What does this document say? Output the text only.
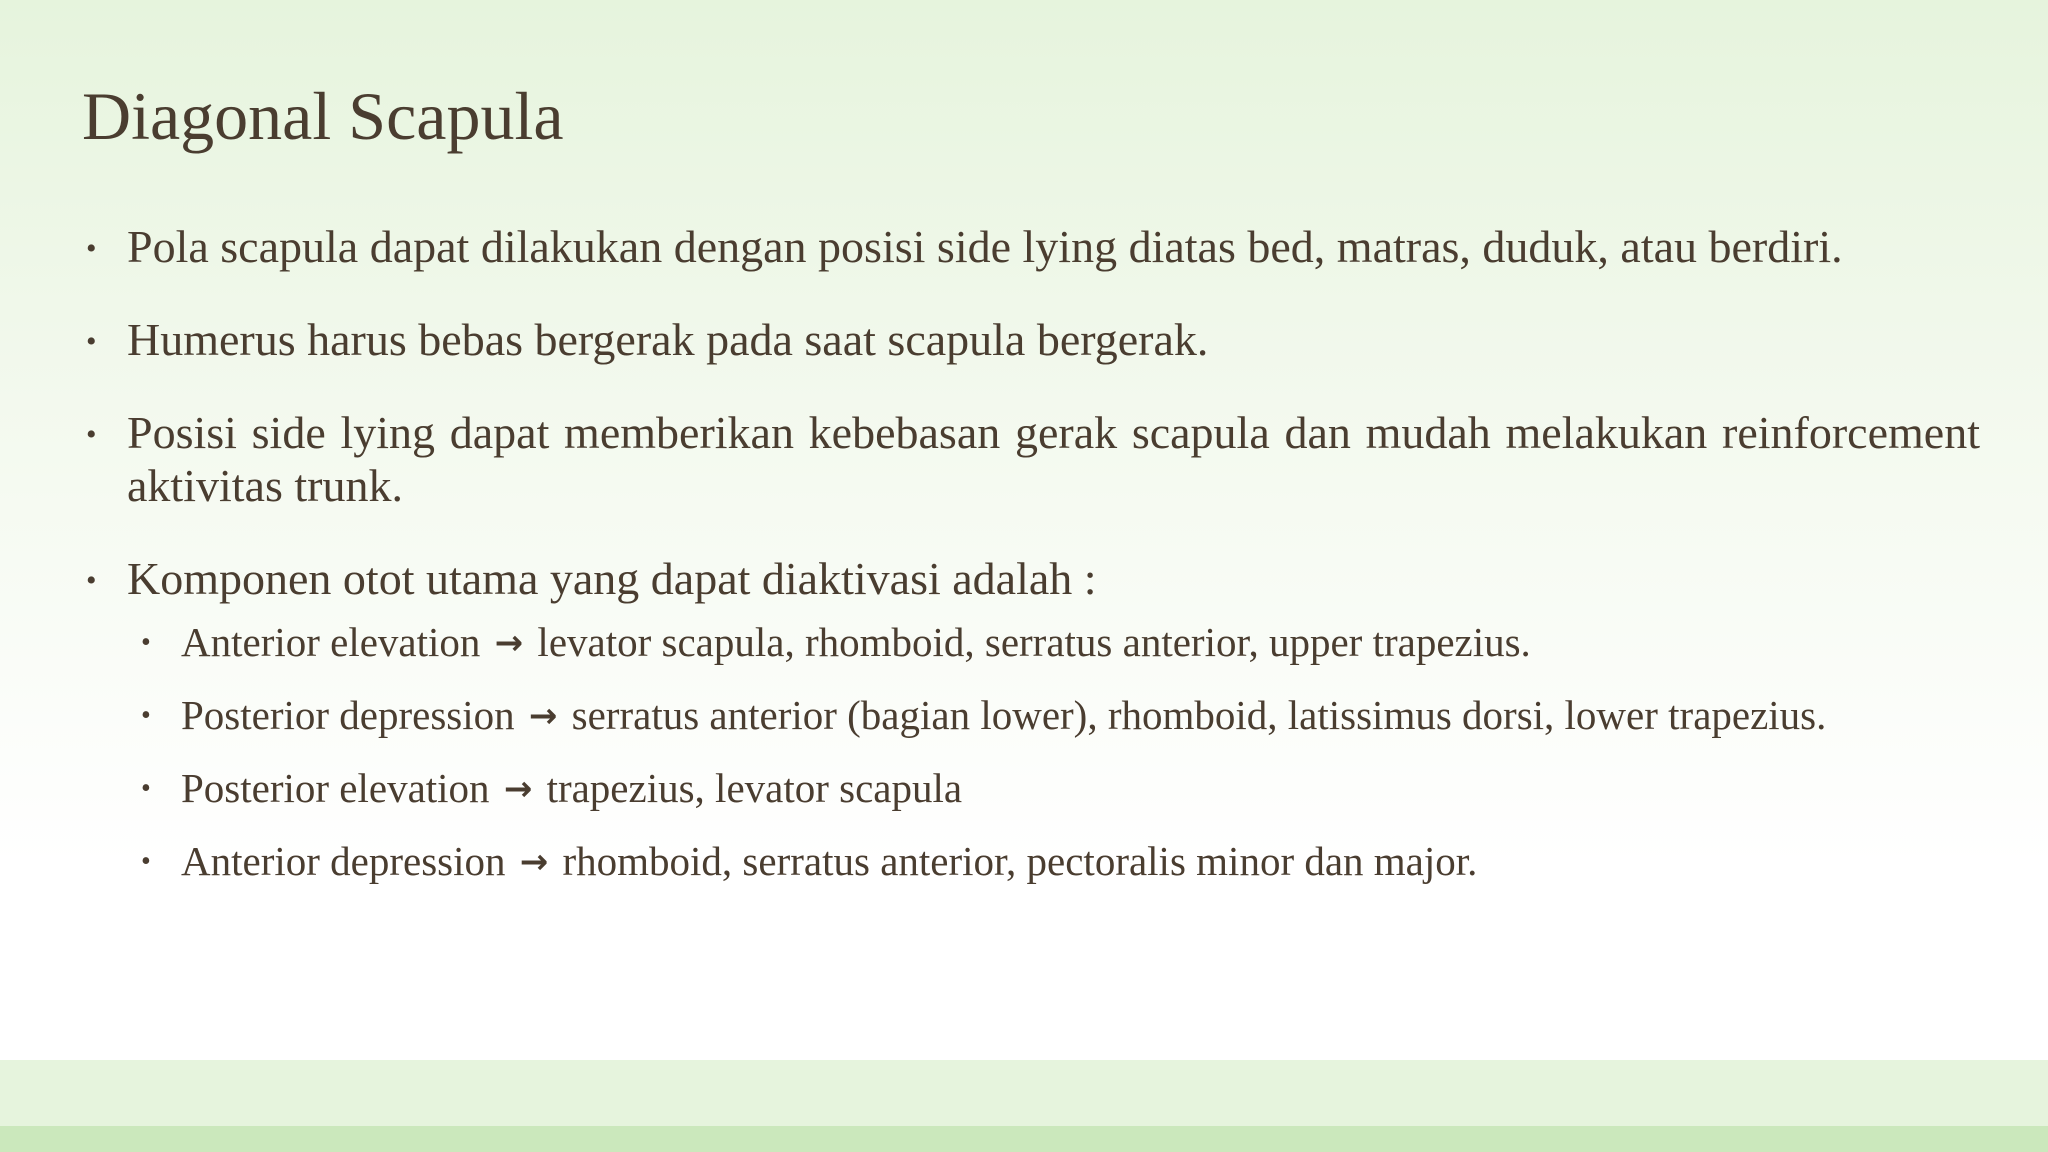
Diagonal Scapula
• Pola scapula dapat dilakukan dengan posisi side lying diatas bed, matras, duduk, atau berdiri.
• Humerus harus bebas bergerak pada saat scapula bergerak.
• Posisi side lying dapat memberikan kebebasan gerak scapula dan mudah melakukan reinforcement aktivitas trunk.
• Komponen otot utama yang dapat diaktivasi adalah :
• Anterior elevation → levator scapula, rhomboid, serratus anterior, upper trapezius.
• Posterior depression → serratus anterior (bagian lower), rhomboid, latissimus dorsi, lower trapezius.
• Posterior elevation → trapezius, levator scapula
• Anterior depression → rhomboid, serratus anterior, pectoralis minor dan major.
